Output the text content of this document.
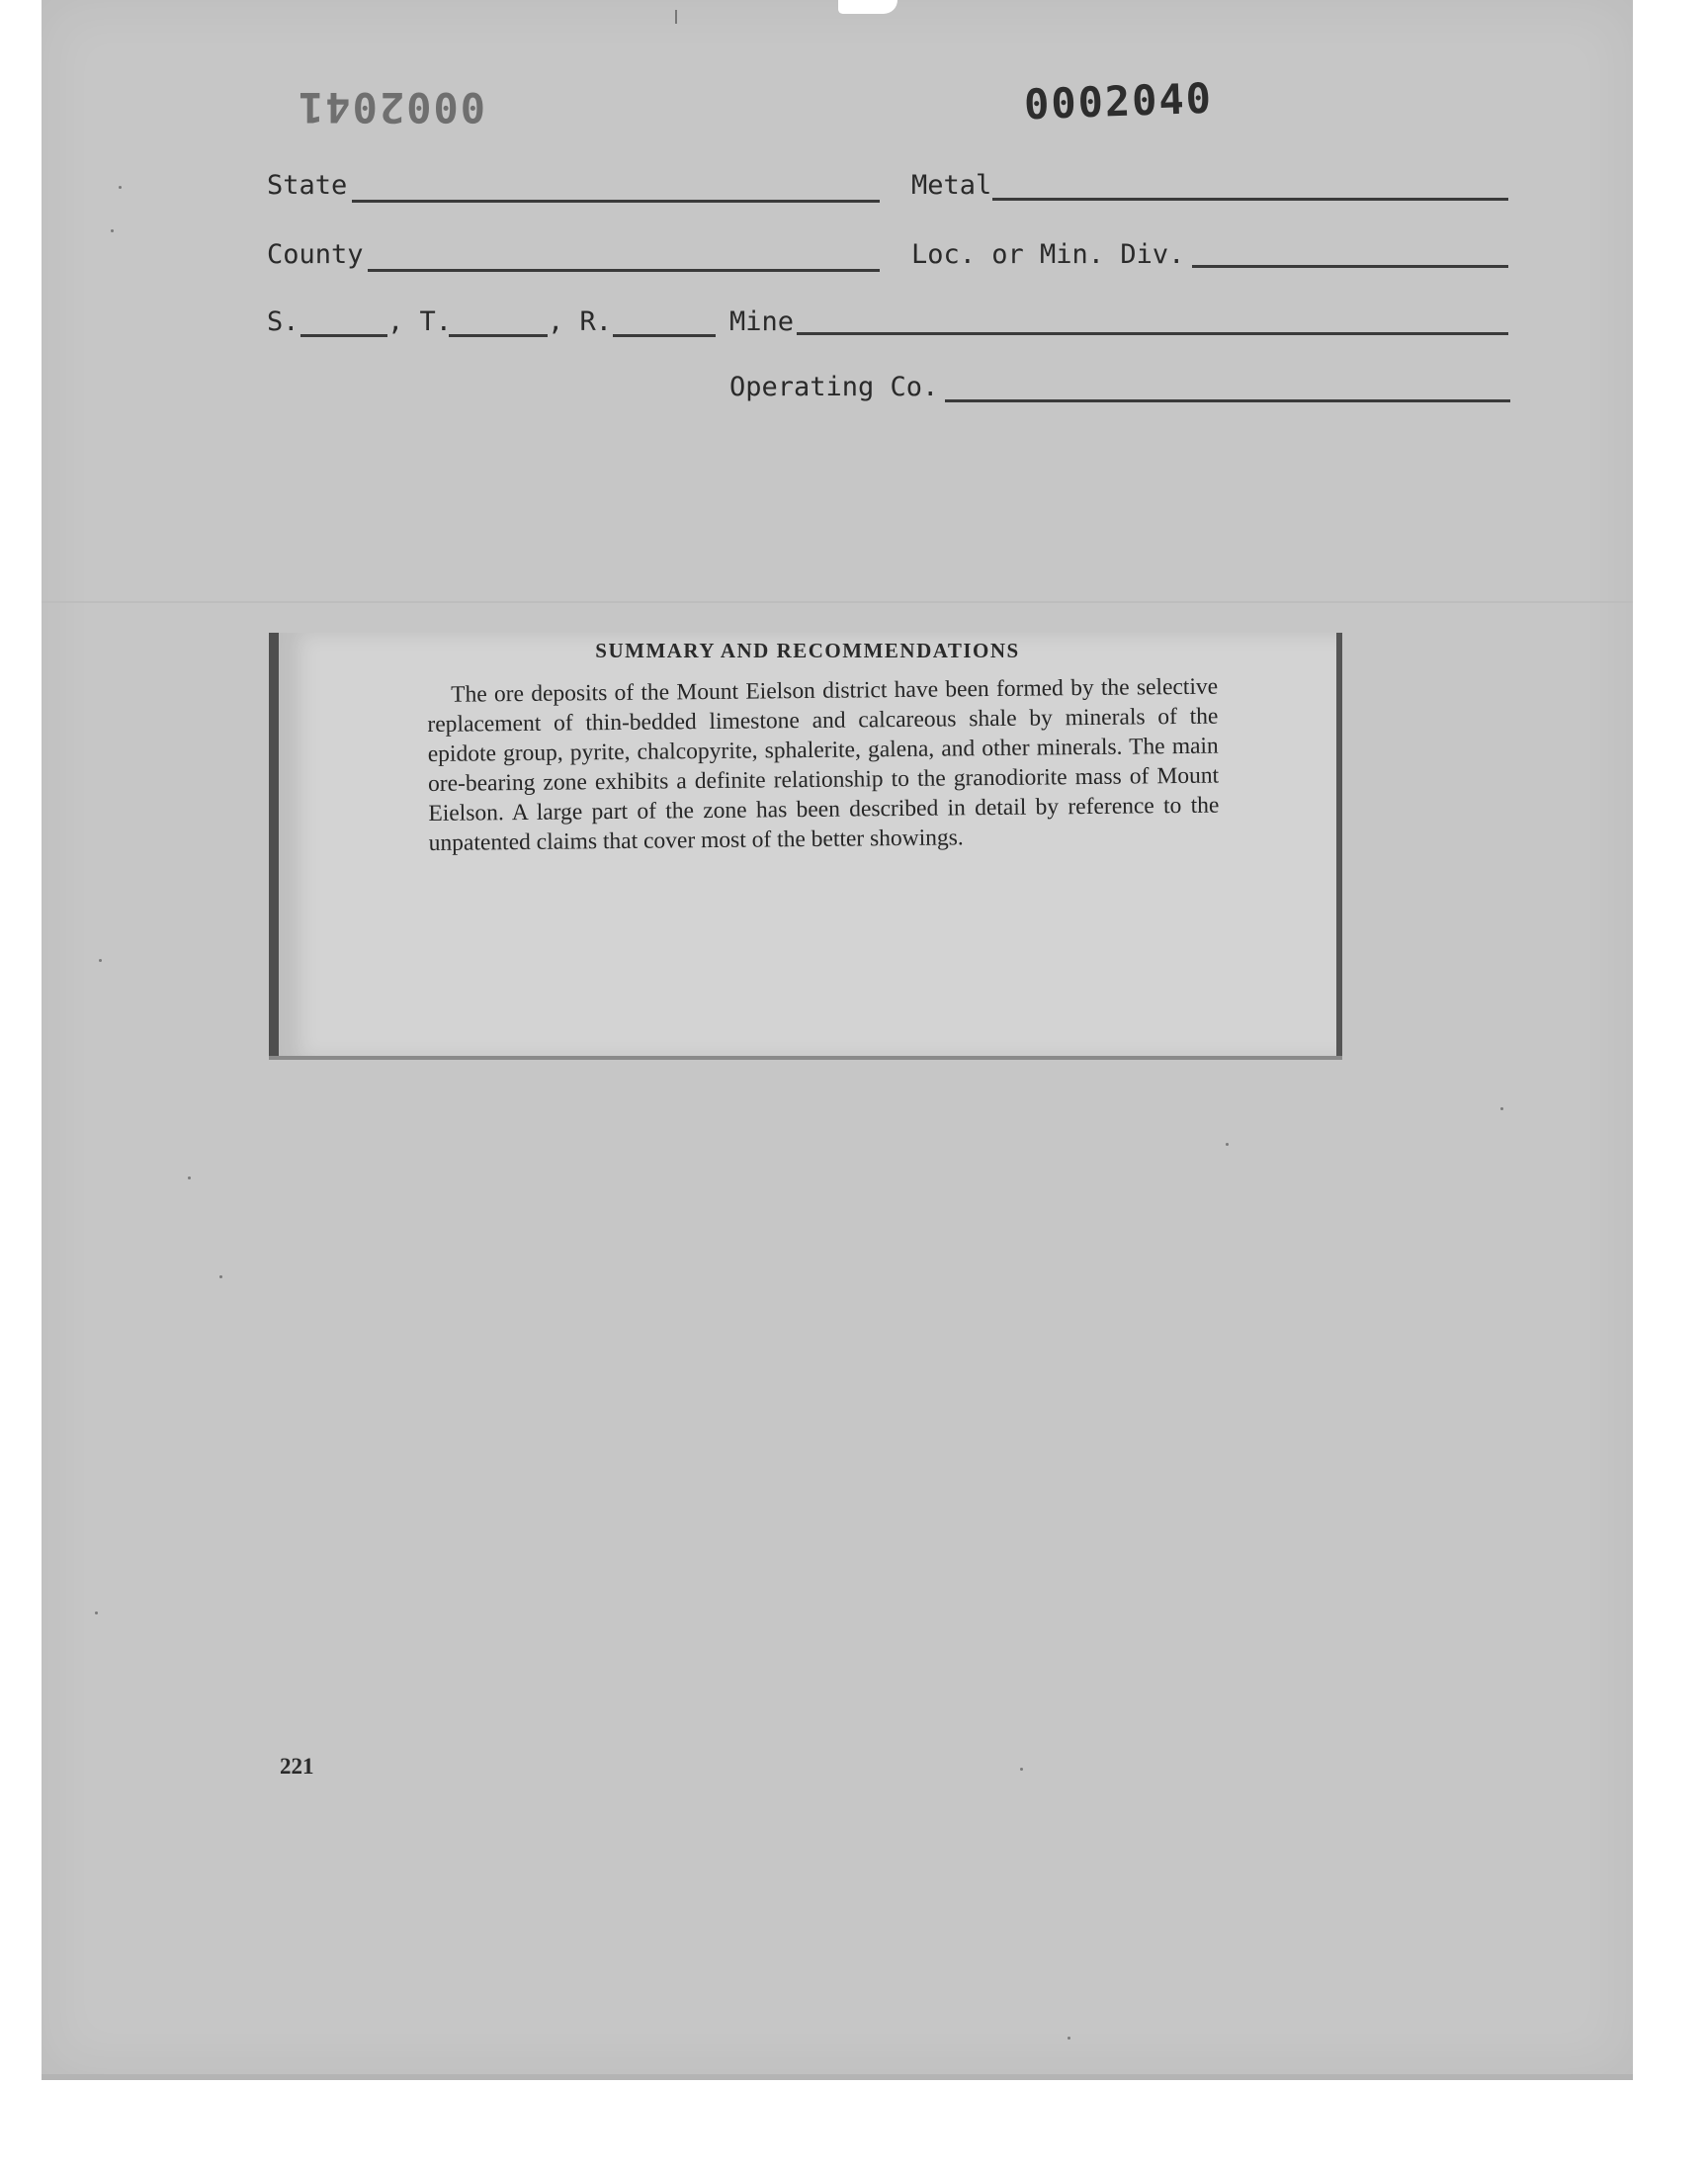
0002041	0002040
State	Metal
County	Loc. or Min. Div.
S.	, T.	, R.	Mine
Operating Co.
SUMMARY AND RECOMMENDATIONS
The ore deposits of the Mount Eielson district have been formed by the selective replacement of thin-bedded limestone and calcareous shale by minerals of the epidote group, pyrite, chalcopyrite, sphalerite, galena, and other minerals. The main ore-bearing zone exhibits a definite relationship to the granodiorite mass of Mount Eielson. A large part of the zone has been described in detail by reference to the unpatented claims that cover most of the better showings.
221
